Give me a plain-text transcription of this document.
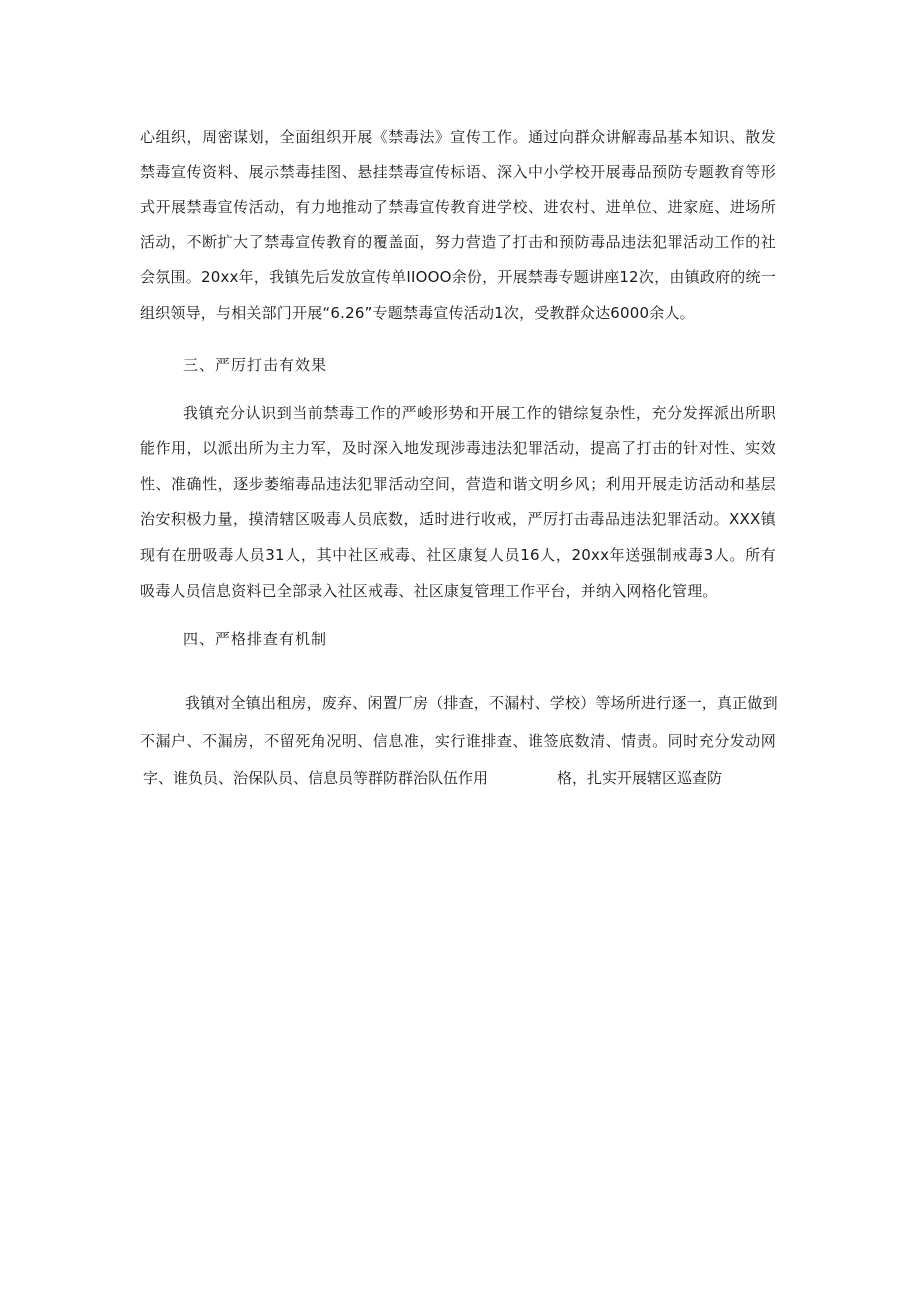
心组织，周密谋划，全面组织开展《禁毒法》宣传工作。通过向群众讲解毒品基本知识、散发
禁毒宣传资料、展示禁毒挂图、悬挂禁毒宣传标语、深入中小学校开展毒品预防专题教育等形
式开展禁毒宣传活动，有力地推动了禁毒宣传教育进学校、进农村、进单位、进家庭、进场所
活动，不断扩大了禁毒宣传教育的覆盖面，努力营造了打击和预防毒品违法犯罪活动工作的社
会氛围。20xx年，我镇先后发放宣传单IIOOO余份，开展禁毒专题讲座12次，由镇政府的统一
组织领导，与相关部门开展“6.26”专题禁毒宣传活动1次，受教群众达6000余人。
三、严厉打击有效果
我镇充分认识到当前禁毒工作的严峻形势和开展工作的错综复杂性，充分发挥派出所职
能作用，以派出所为主力军，及时深入地发现涉毒违法犯罪活动，提高了打击的针对性、实效
性、准确性，逐步萎缩毒品违法犯罪活动空间，营造和谐文明乡风；利用开展走访活动和基层
治安积极力量，摸清辖区吸毒人员底数，适时进行收戒，严厉打击毒品违法犯罪活动。XXX镇
现有在册吸毒人员31人，其中社区戒毒、社区康复人员16人，20xx年送强制戒毒3人。所有
吸毒人员信息资料已全部录入社区戒毒、社区康复管理工作平台，并纳入网格化管理。
四、严格排查有机制
我镇对全镇出租房，废弃、闲置厂房（排查，不漏村、学校）等场所进行逐一，真正做到
不漏户、不漏房，不留死角况明、信息准，实行谁排查、谁签底数清、情责。同时充分发动网
字、谁负员、治保队员、信息员等群防群治队伍作用	格，扎实开展辖区巡查防
